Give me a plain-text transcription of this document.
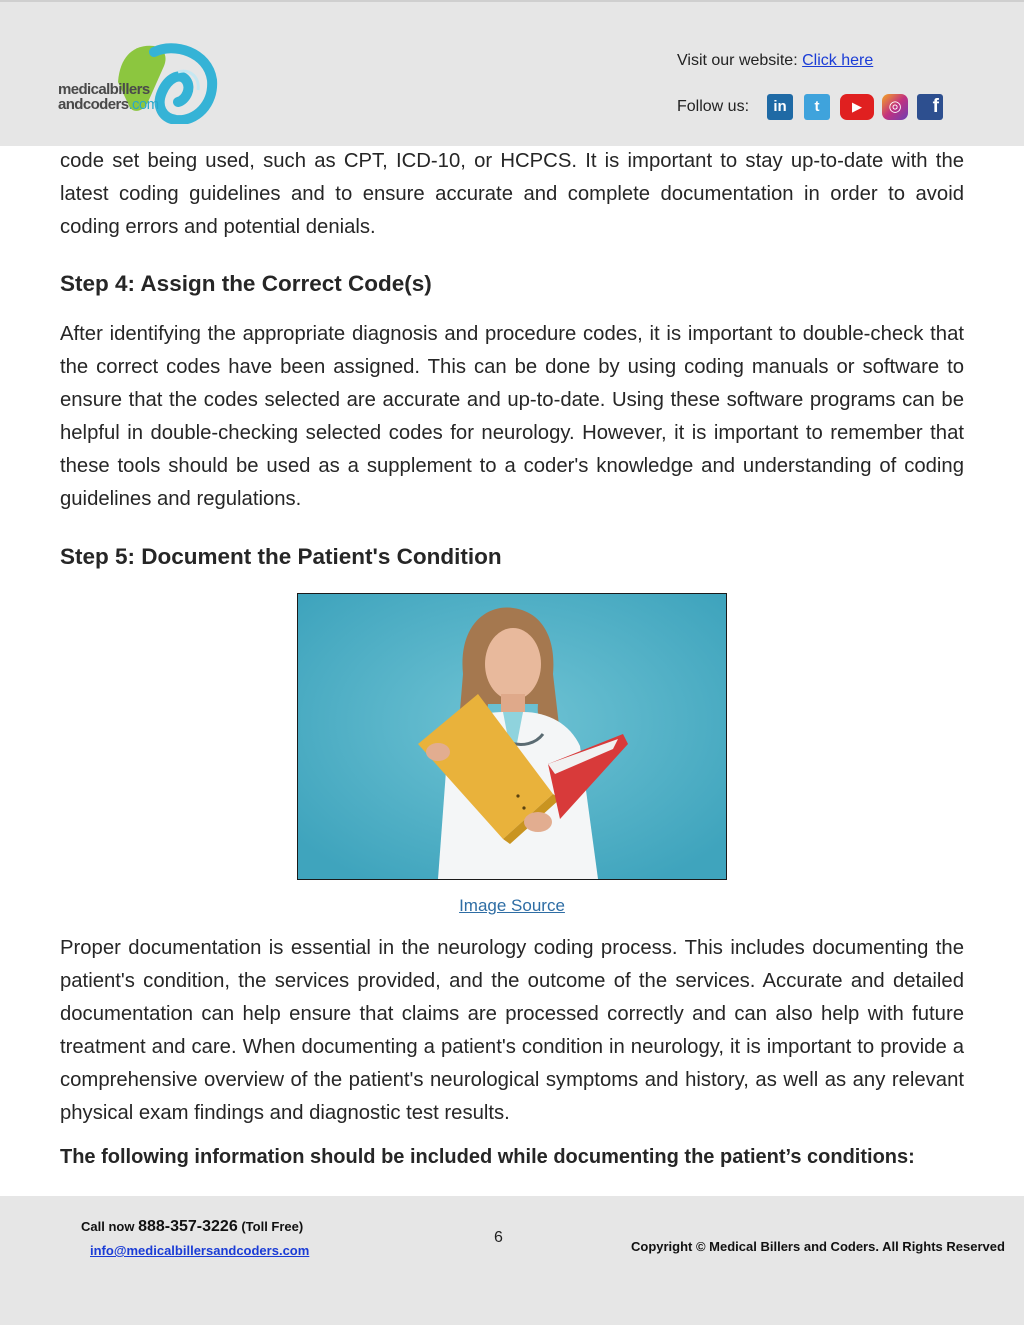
medicalbillers
andcoders.com
Visit our website: Click here
Follow us:	in	t	▶	◎	f

code set being used, such as CPT, ICD-10, or HCPCS. It is important to stay up-to-date with the latest coding guidelines and to ensure accurate and complete documentation in order to avoid coding errors and potential denials.

Step 4: Assign the Correct Code(s)

After identifying the appropriate diagnosis and procedure codes, it is important to double-check that the correct codes have been assigned. This can be done by using coding manuals or software to ensure that the codes selected are accurate and up-to-date. Using these software programs can be helpful in double-checking selected codes for neurology. However, it is important to remember that these tools should be used as a supplement to a coder's knowledge and understanding of coding guidelines and regulations.

Step 5: Document the Patient's Condition
Image Source

Proper documentation is essential in the neurology coding process. This includes documenting the patient's condition, the services provided, and the outcome of the services. Accurate and detailed documentation can help ensure that claims are processed correctly and can also help with future treatment and care. When documenting a patient's condition in neurology, it is important to provide a comprehensive overview of the patient's neurological symptoms and history, as well as any relevant physical exam findings and diagnostic test results.

The following information should be included while documenting the patient’s conditions:
Call now 888-357-3226 (Toll Free)
info@medicalbillersandcoders.com
6
Copyright © Medical Billers and Coders. All Rights Reserved
